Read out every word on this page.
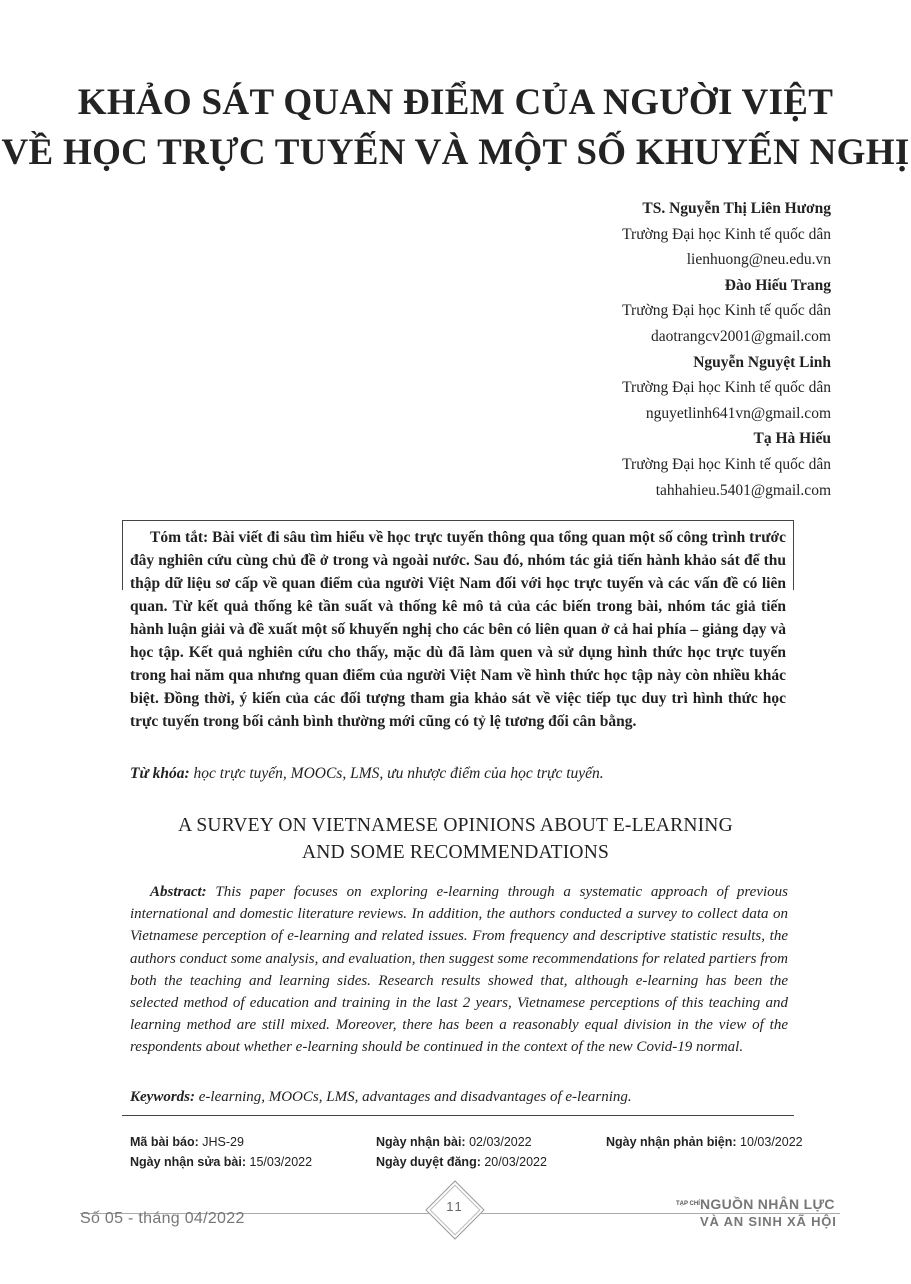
KHẢO SÁT QUAN ĐIỂM CỦA NGƯỜI VIỆT
VỀ HỌC TRỰC TUYẾN VÀ MỘT SỐ KHUYẾN NGHỊ
TS. Nguyễn Thị Liên Hương
Trường Đại học Kinh tế quốc dân
lienhuong@neu.edu.vn
Đào Hiếu Trang
Trường Đại học Kinh tế quốc dân
daotrangcv2001@gmail.com
Nguyễn Nguyệt Linh
Trường Đại học Kinh tế quốc dân
nguyetlinh641vn@gmail.com
Tạ Hà Hiếu
Trường Đại học Kinh tế quốc dân
tahhahieu.5401@gmail.com
Tóm tắt: Bài viết đi sâu tìm hiểu về học trực tuyến thông qua tổng quan một số công trình trước đây nghiên cứu cùng chủ đề ở trong và ngoài nước. Sau đó, nhóm tác giả tiến hành khảo sát để thu thập dữ liệu sơ cấp về quan điểm của người Việt Nam đối với học trực tuyến và các vấn đề có liên quan. Từ kết quả thống kê tần suất và thống kê mô tả của các biến trong bài, nhóm tác giả tiến hành luận giải và đề xuất một số khuyến nghị cho các bên có liên quan ở cả hai phía – giảng dạy và học tập. Kết quả nghiên cứu cho thấy, mặc dù đã làm quen và sử dụng hình thức học trực tuyến trong hai năm qua nhưng quan điểm của người Việt Nam về hình thức học tập này còn nhiều khác biệt. Đồng thời, ý kiến của các đối tượng tham gia khảo sát về việc tiếp tục duy trì hình thức học trực tuyến trong bối cảnh bình thường mới cũng có tỷ lệ tương đối cân bằng.
Từ khóa: học trực tuyến, MOOCs, LMS, ưu nhược điểm của học trực tuyến.
A SURVEY ON VIETNAMESE OPINIONS ABOUT E-LEARNING
AND SOME RECOMMENDATIONS
Abstract: This paper focuses on exploring e-learning through a systematic approach of previous international and domestic literature reviews. In addition, the authors conducted a survey to collect data on Vietnamese perception of e-learning and related issues. From frequency and descriptive statistic results, the authors conduct some analysis, and evaluation, then suggest some recommendations for related partiers from both the teaching and learning sides. Research results showed that, although e-learning has been the selected method of education and training in the last 2 years, Vietnamese perceptions of this teaching and learning method are still mixed. Moreover, there has been a reasonably equal division in the view of the respondents about whether e-learning should be continued in the context of the new Covid-19 normal.
Keywords: e-learning, MOOCs, LMS, advantages and disadvantages of e-learning.
Mã bài báo: JHS-29	Ngày nhận bài: 02/03/2022	Ngày nhận phản biện: 10/03/2022
Ngày nhận sửa bài: 15/03/2022	Ngày duyệt đăng: 20/03/2022
Số 05 - tháng 04/2022
11	TẠP CHÍ NGUỒN NHÂN LỰC
VÀ AN SINH XÃ HỘI
